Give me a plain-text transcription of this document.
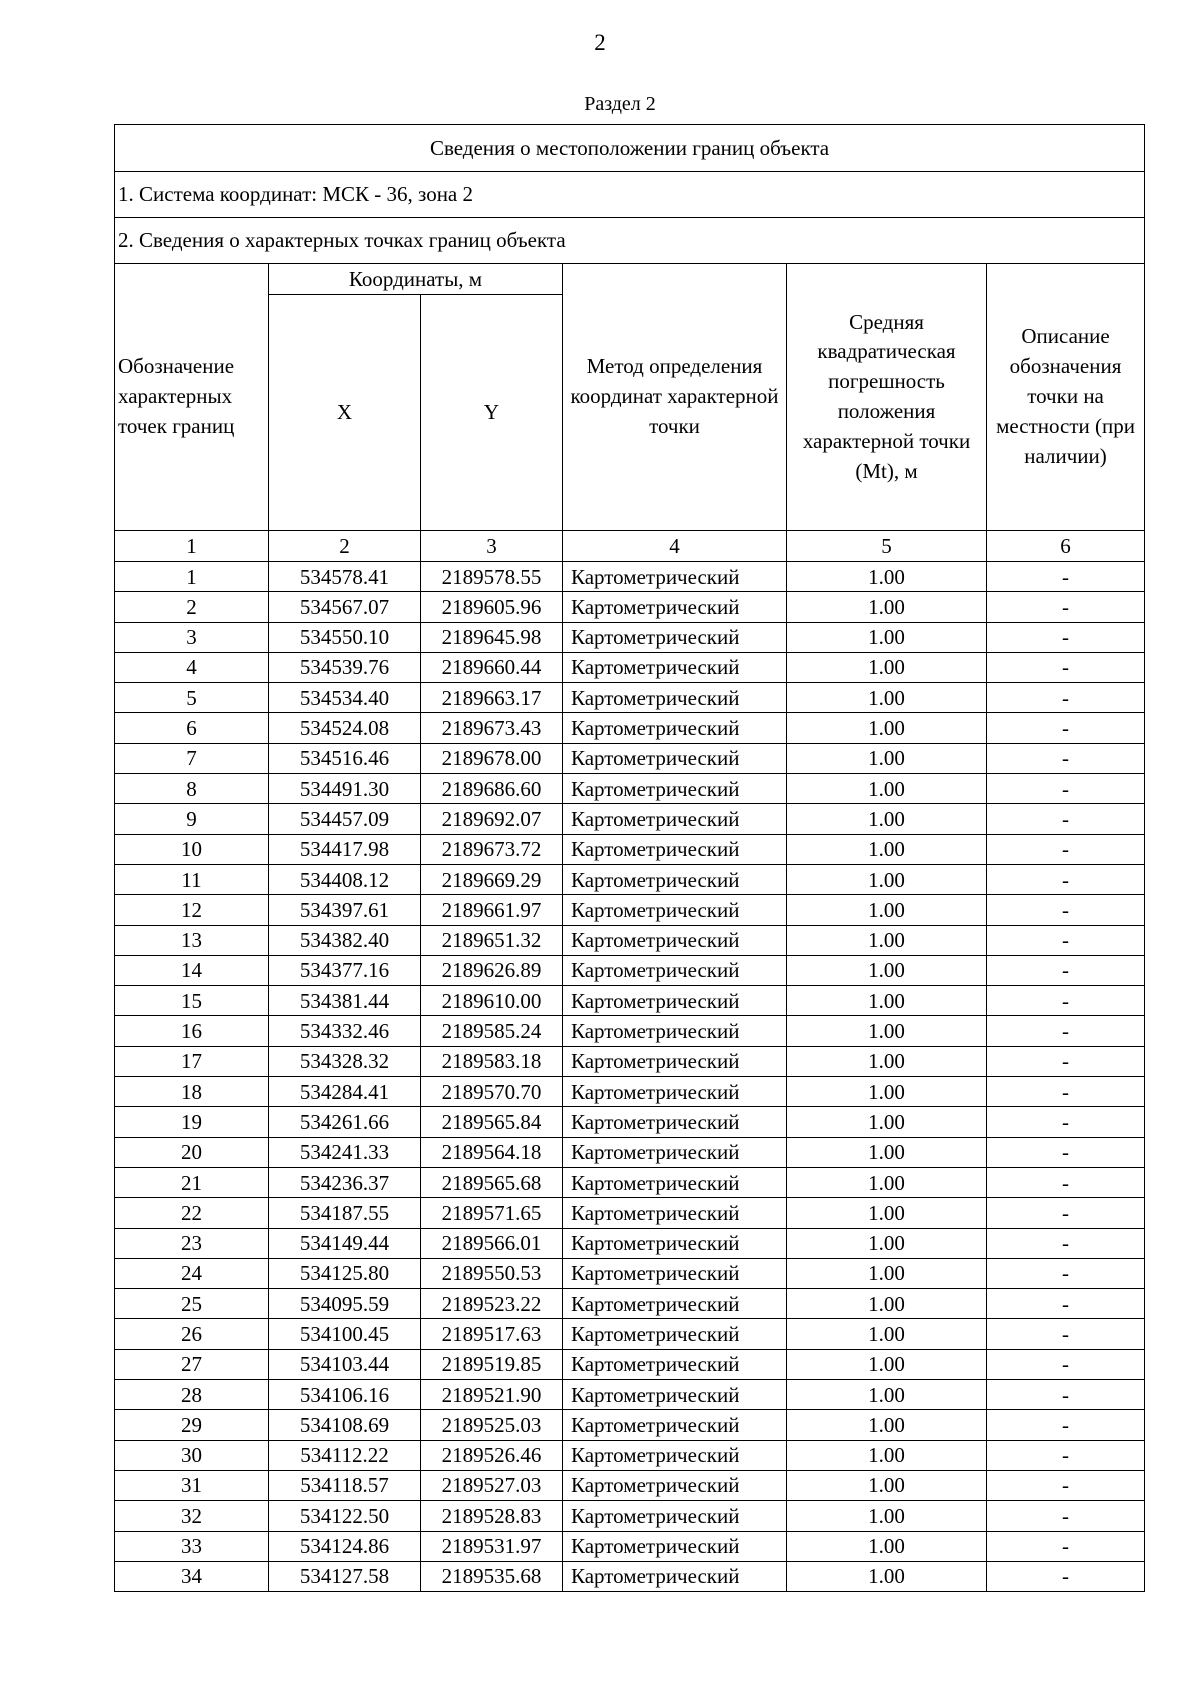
2
Раздел 2
Сведения о местоположении границ объекта					
1. Система координат: МСК - 36, зона 2					
2. Сведения о характерных точках границ объекта					
Обозначение характерных точек границ	Координаты, м		Метод определения координат характерной точки	Средняя квадратическая погрешность положения характерной точки (Mt), м	Описание обозначения точки на местности (при наличии)
	X	Y			
1	2	3	4	5	6
1	534578.41	2189578.55	Картометрический	1.00	-
2	534567.07	2189605.96	Картометрический	1.00	-
3	534550.10	2189645.98	Картометрический	1.00	-
4	534539.76	2189660.44	Картометрический	1.00	-
5	534534.40	2189663.17	Картометрический	1.00	-
6	534524.08	2189673.43	Картометрический	1.00	-
7	534516.46	2189678.00	Картометрический	1.00	-
8	534491.30	2189686.60	Картометрический	1.00	-
9	534457.09	2189692.07	Картометрический	1.00	-
10	534417.98	2189673.72	Картометрический	1.00	-
11	534408.12	2189669.29	Картометрический	1.00	-
12	534397.61	2189661.97	Картометрический	1.00	-
13	534382.40	2189651.32	Картометрический	1.00	-
14	534377.16	2189626.89	Картометрический	1.00	-
15	534381.44	2189610.00	Картометрический	1.00	-
16	534332.46	2189585.24	Картометрический	1.00	-
17	534328.32	2189583.18	Картометрический	1.00	-
18	534284.41	2189570.70	Картометрический	1.00	-
19	534261.66	2189565.84	Картометрический	1.00	-
20	534241.33	2189564.18	Картометрический	1.00	-
21	534236.37	2189565.68	Картометрический	1.00	-
22	534187.55	2189571.65	Картометрический	1.00	-
23	534149.44	2189566.01	Картометрический	1.00	-
24	534125.80	2189550.53	Картометрический	1.00	-
25	534095.59	2189523.22	Картометрический	1.00	-
26	534100.45	2189517.63	Картометрический	1.00	-
27	534103.44	2189519.85	Картометрический	1.00	-
28	534106.16	2189521.90	Картометрический	1.00	-
29	534108.69	2189525.03	Картометрический	1.00	-
30	534112.22	2189526.46	Картометрический	1.00	-
31	534118.57	2189527.03	Картометрический	1.00	-
32	534122.50	2189528.83	Картометрический	1.00	-
33	534124.86	2189531.97	Картометрический	1.00	-
34	534127.58	2189535.68	Картометрический	1.00	-
